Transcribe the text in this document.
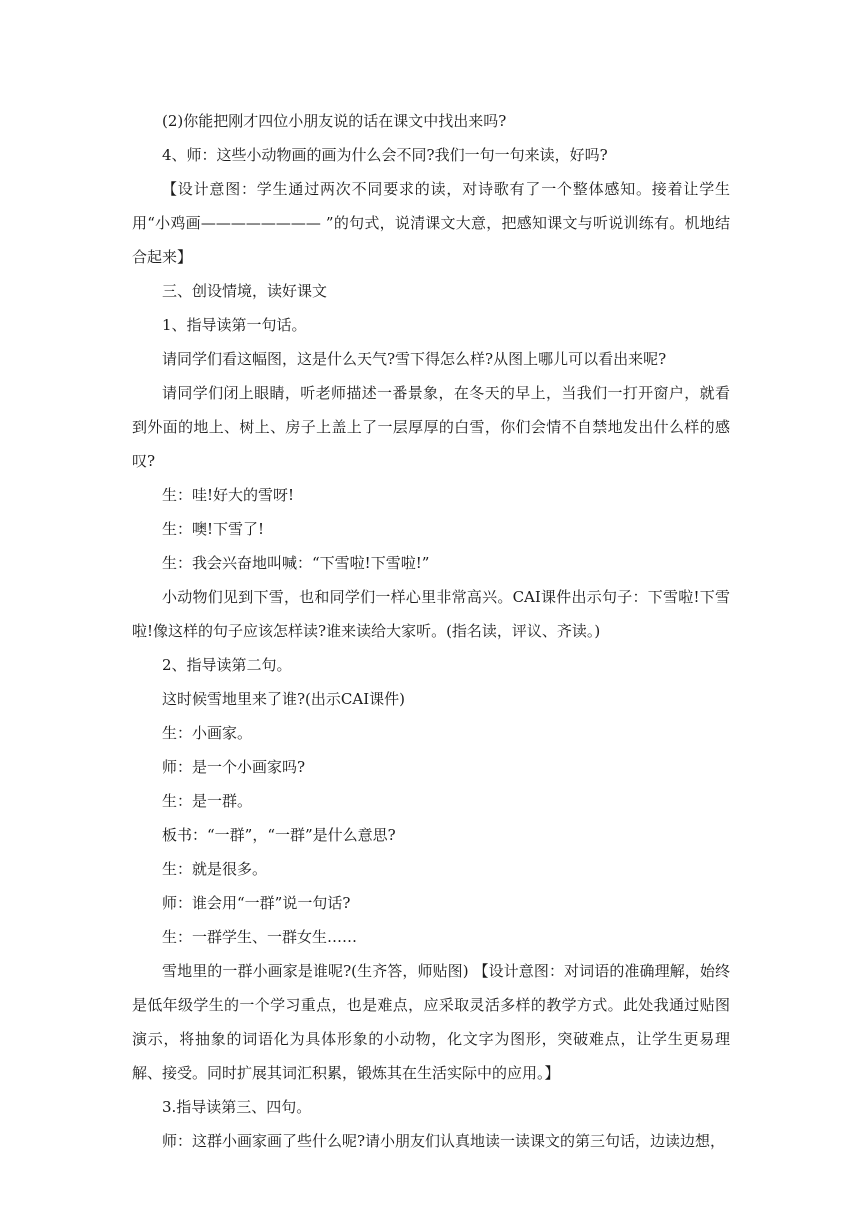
(2)你能把刚才四位小朋友说的话在课文中找出来吗?

4、师：这些小动物画的画为什么会不同?我们一句一句来读，好吗?

【设计意图：学生通过两次不同要求的读，对诗歌有了一个整体感知。接着让学生用“小鸡画———————— ”的句式，说清课文大意，把感知课文与听说训练有。机地结合起来】

三、创设情境，读好课文

1、指导读第一句话。

请同学们看这幅图，这是什么天气?雪下得怎么样?从图上哪儿可以看出来呢?

请同学们闭上眼睛，听老师描述一番景象，在冬天的早上，当我们一打开窗户，就看到外面的地上、树上、房子上盖上了一层厚厚的白雪，你们会情不自禁地发出什么样的感叹?

生：哇!好大的雪呀!

生：噢!下雪了!

生：我会兴奋地叫喊：“下雪啦!下雪啦!”

小动物们见到下雪，也和同学们一样心里非常高兴。CAI课件出示句子：下雪啦!下雪啦!像这样的句子应该怎样读?谁来读给大家听。(指名读，评议、齐读。)

2、指导读第二句。

这时候雪地里来了谁?(出示CAI课件)

生：小画家。

师：是一个小画家吗?

生：是一群。

板书：“一群”，“一群”是什么意思?

生：就是很多。

师：谁会用“一群”说一句话?

生：一群学生、一群女生……

雪地里的一群小画家是谁呢?(生齐答，师贴图) 【设计意图：对词语的准确理解，始终是低年级学生的一个学习重点，也是难点，应采取灵活多样的教学方式。此处我通过贴图演示，将抽象的词语化为具体形象的小动物，化文字为图形，突破难点，让学生更易理解、接受。同时扩展其词汇积累，锻炼其在生活实际中的应用。】

3.指导读第三、四句。

师：这群小画家画了些什么呢?请小朋友们认真地读一读课文的第三句话，边读边想，
